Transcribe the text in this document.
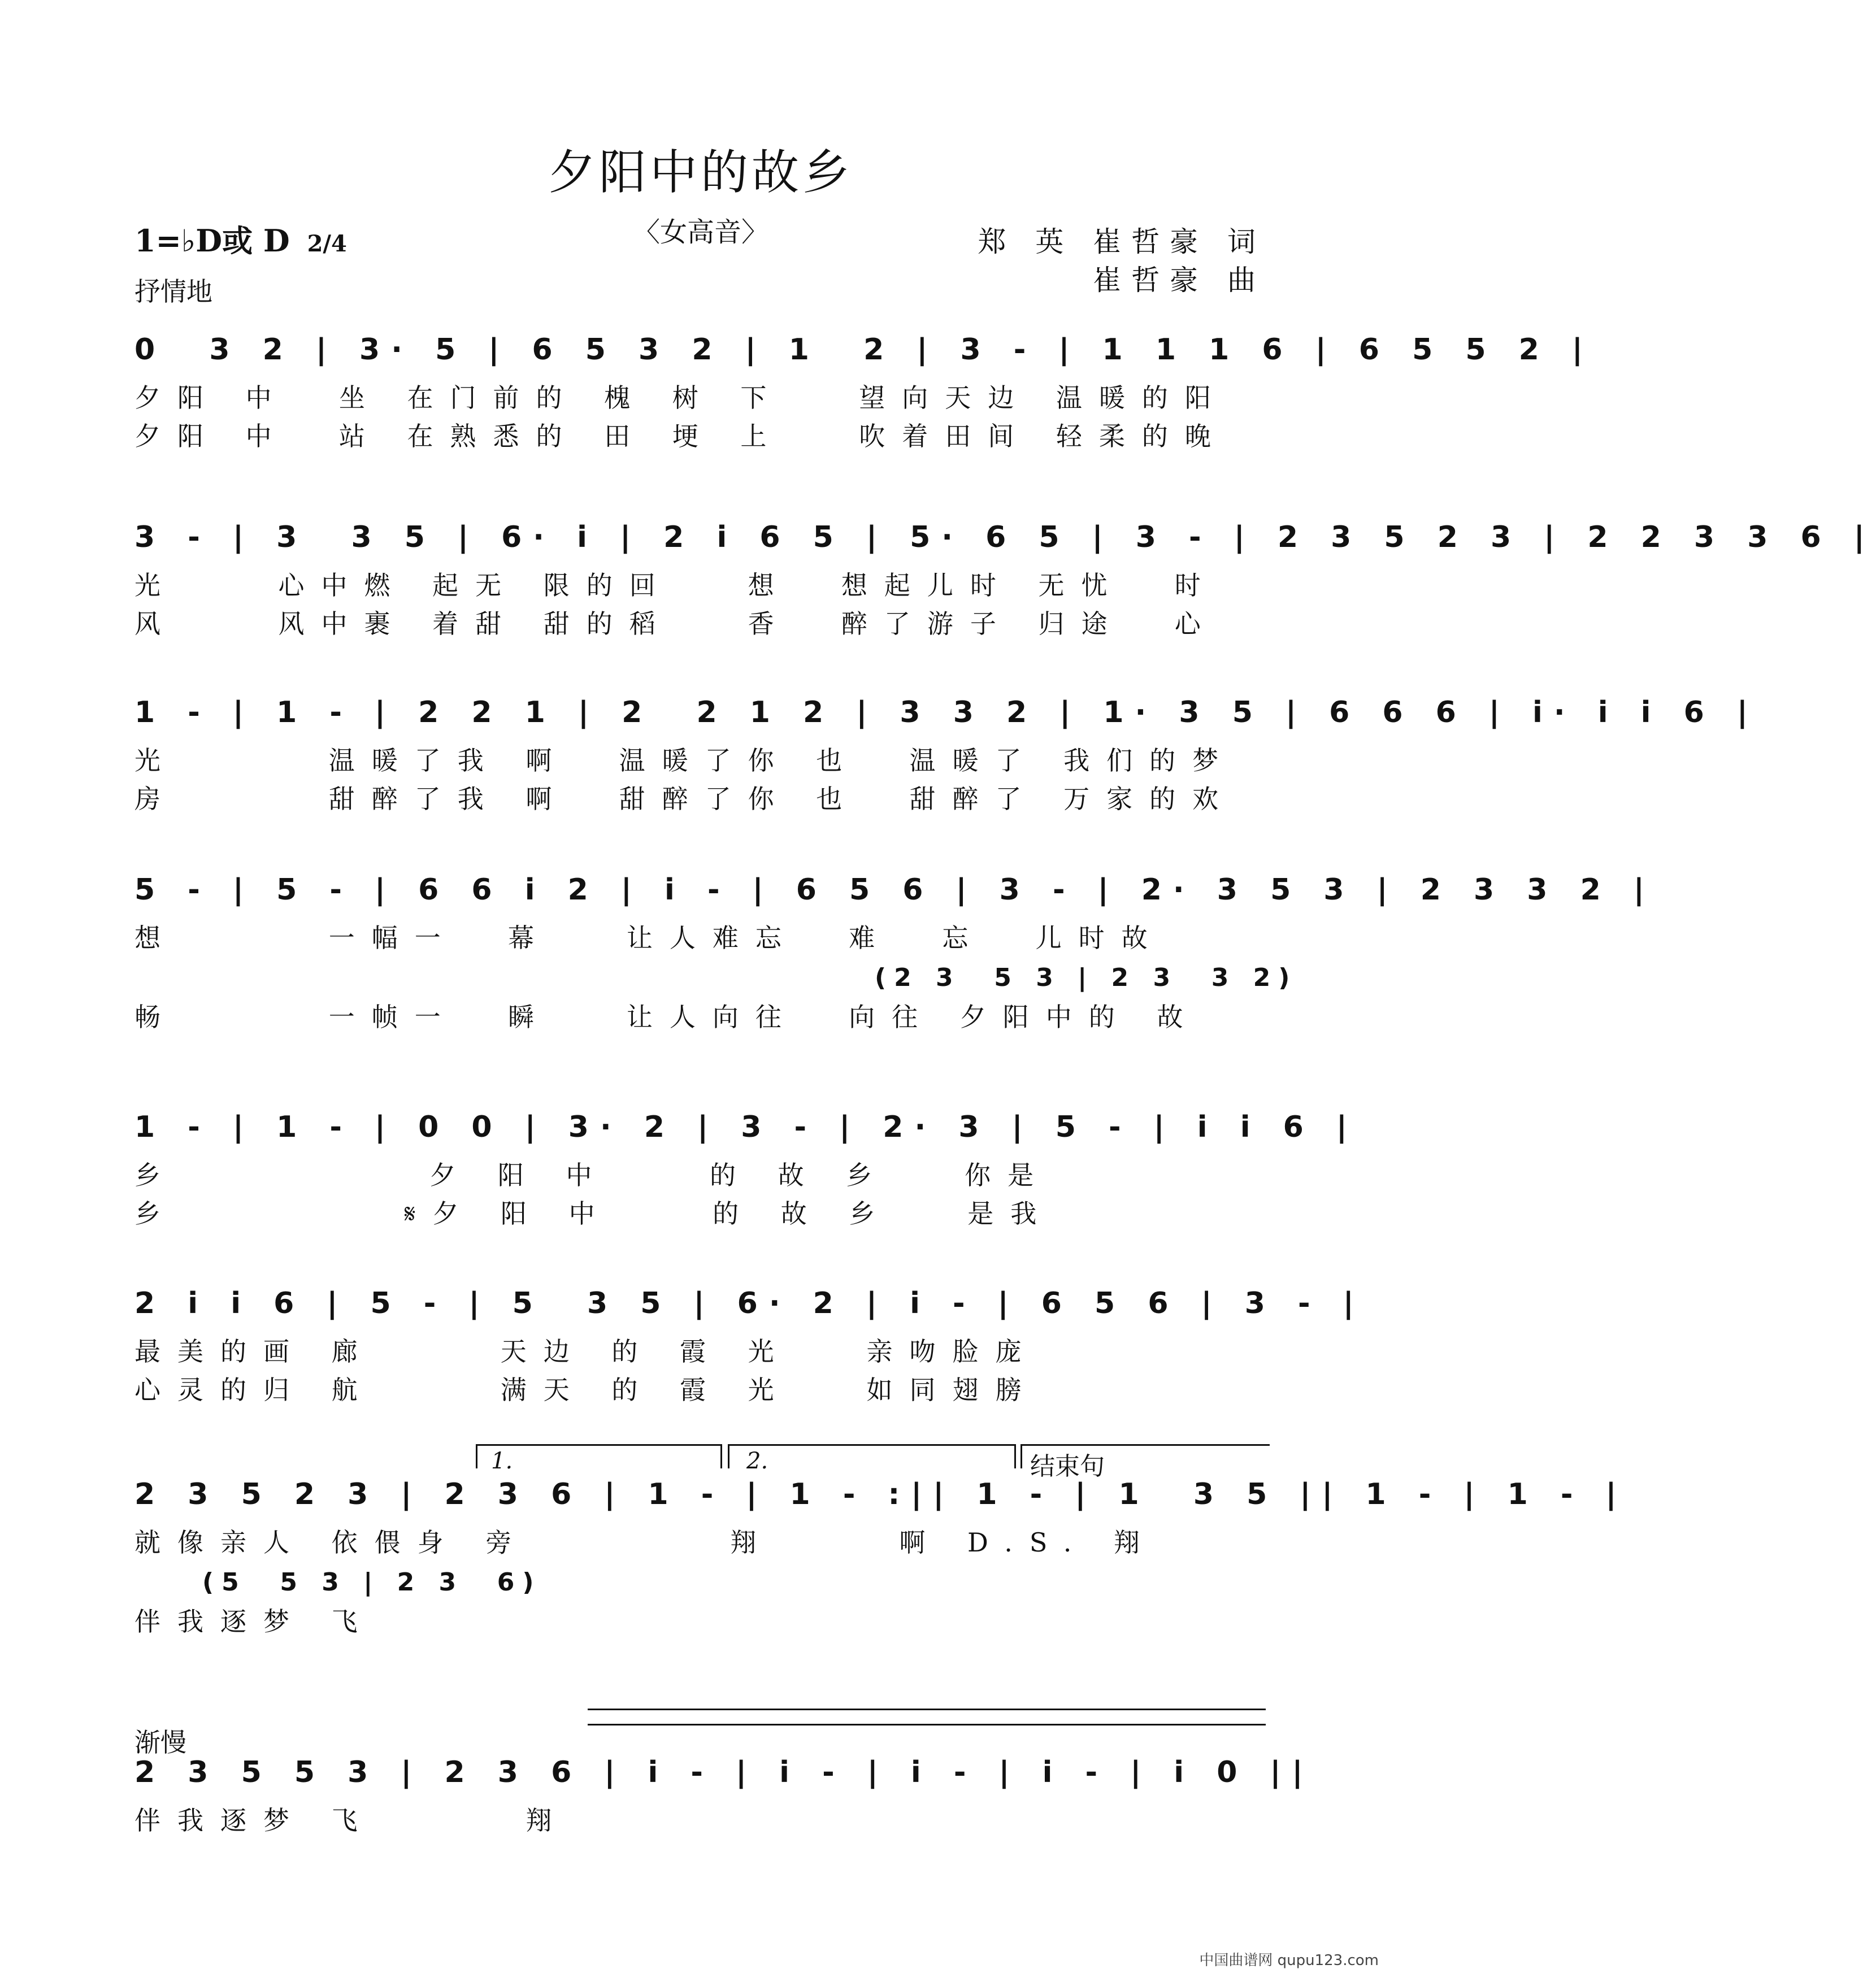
夕阳中的故乡
〈女高音〉
1=♭D或 D 2/4
抒情地
郑 英 崔哲豪 词
崔哲豪 曲
0  3 2 | 3· 5 | 6 5 3 2 | 1  2 | 3 - | 1 1 1 6 | 6 5 5 2 |
夕阳 中  坐 在门前的 槐 树 下   望向天边 温暖的阳
夕阳 中  站 在熟悉的 田 埂 上   吹着田间 轻柔的晚
3 - | 3  3 5 | 6· i | 2 i 6 5 | 5· 6 5 | 3 - | 2 3 5 2 3 | 2 2 3 3 6 |
光    心中燃 起无 限的回   想  想起儿时 无忧  时
风    风中裹 着甜 甜的稻   香  醉了游子 归途  心
1 - | 1 - | 2 2 1 | 2  2 1 2 | 3 3 2 | 1· 3 5 | 6 6 6 | i· i i 6 |
光      温暖了我 啊  温暖了你 也  温暖了 我们的梦
房      甜醉了我 啊  甜醉了你 也  甜醉了 万家的欢
5 - | 5 - | 6 6 i 2 | i - | 6 5 6 | 3 - | 2· 3 5 3 | 2 3 3 2 |
想      一幅一  幕   让人难忘  难  忘  儿时故
(2 3  5 3 | 2 3  3 2)
畅      一帧一  瞬   让人向往  向往 夕阳中的 故
1 - | 1 - | 0 0 | 3· 2 | 3 - | 2· 3 | 5 - | i i 6 |
乡          夕 阳 中    的 故 乡   你是
乡         𝄋夕 阳 中    的 故 乡   是我
2 i i 6 | 5 - | 5  3 5 | 6· 2 | i - | 6 5 6 | 3 - |
最美的画 廊     天边 的 霞 光   亲吻脸庞
心灵的归 航     满天 的 霞 光   如同翅膀
1.	2.	结束句
2 3 5 2 3 | 2 3 6 | 1 - | 1 - :|| 1 - | 1  3 5 || 1 - | 1 - |
就像亲人 依偎身 旁        翔     啊 D.S. 翔
(5  5 3 | 2 3  6)
伴我逐梦 飞
渐慢
2 3 5 5 3 | 2 3 6 | i - | i - | i - | i - | i 0 ||
伴我逐梦 飞      翔
中国曲谱网 qupu123.com
